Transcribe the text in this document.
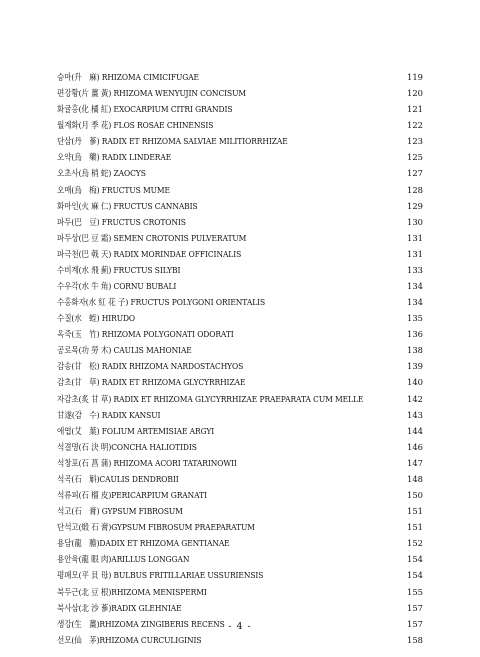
승마(升　麻) RHIZOMA CIMICIFUGAE	119
편강황(片 薑 黃) RHIZOMA WENYUJIN CONCISUM	120
화귤홍(化 橘 紅) EXOCARPIUM CITRI GRANDIS	121
월계화(月 季 花) FLOS ROSAE CHINENSIS	122
단삼(丹　蔘) RADIX ET RHIZOMA SALVIAE MILITIORRHIZAE	123
오약(烏　藥) RADIX LINDERAE	125
오초사(烏 梢 蛇) ZAOCYS	127
오매(烏　梅) FRUCTUS MUME	128
화마인(火 麻 仁) FRUCTUS CANNABIS	129
파두(巴　豆) FRUCTUS CROTONIS	130
파두상(巴 豆 霜) SEMEN CROTONIS PULVERATUM	131
파극천(巴 戟 天) RADIX MORINDAE OFFICINALIS	131
수비계(水 飛 薊) FRUCTUS SILYBI	133
수우각(水 牛 角) CORNU BUBALI	134
수홍화자(水 紅 花 子) FRUCTUS POLYGONI ORIENTALIS	134
수질(水　蛭) HIRUDO	135
옥죽(玉　竹) RHIZOMA POLYGONATI ODORATI	136
공로목(功 勞 木) CAULIS MAHONIAE	138
감송(甘　松) RADIX RHIZOMA NARDOSTACHYOS	139
감초(甘　草) RADIX ET RHIZOMA GLYCYRRHIZAE	140
자감초(炙 甘 草) RADIX ET RHIZOMA GLYCYRRHIZAE PRAEPARATA CUM MELLE	142
甘遂(감　수) RADIX KANSUI	143
애엽(艾　葉) FOLIUM ARTEMISIAE ARGYI	144
석결명(石 決 明)CONCHA HALIOTIDIS	146
석창포(石 菖 蒲) RHIZOMA ACORI TATARINOWII	147
석곡(石　斛)CAULIS DENDROBII	148
석류피(石 榴 皮)PERICARPIUM GRANATI	150
석고(石　膏) GYPSUM FIBROSUM	151
단석고(煅 石 膏)GYPSUM FIBROSUM PRAEPARATUM	151
용담(龍　膽)DADIX ET RHIZOMA GENTIANAE	152
용안육(龍 眼 肉)ARILLUS LONGGAN	154
평패모(平 貝 母) BULBUS FRITILLARIAE USSURIENSIS	154
북두근(北 豆 根)RHIZOMA MENISPERMI	155
북사삼(北 沙 蔘)RADIX GLEHNIAE	157
생강(生　薑)RHIZOMA ZINGIBERIS RECENS	157
선모(仙　茅)RHIZOMA CURCULIGINIS	158
- 4 -
